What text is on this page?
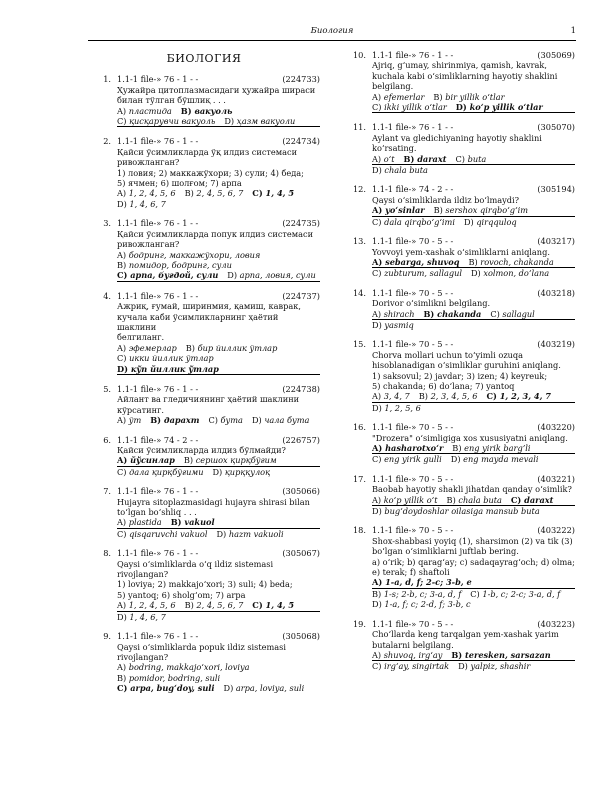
Биология	1
БИОЛОГИЯ
1. 1.1-1 file-» 76 - 1 - -	(224733)
Ҳужайра цитоплазмасидаги ҳужайра шираси
билан тўлган бўшлиқ . . .
A) пластида B) вакуоль
C) қисқарувчи вакуоль D) ҳазм вакуоли
2. 1.1-1 file-» 76 - 1 - -	(224734)
Қайси ўсимликларда ўқ илдиз системаси
ривожланган?
1) ловия; 2) маккажўхори; 3) сули; 4) беда;
5) ячмен; 6) шолғом; 7) арпа
A) 1, 2, 4, 5, 6 B) 2, 4, 5, 6, 7 C) 1, 4, 5
D) 1, 4, 6, 7
3. 1.1-1 file-» 76 - 1 - -	(224735)
Қайси ўсимликларда попук илдиз системаси
ривожланган?
A) бодринг, маккажўхори, ловия
B) помидор, бодринг, сули
C) арпа, буғдой, сули D) арпа, ловия, сули
4. 1.1-1 file-» 76 - 1 - -	(224737)
Ажриқ, ғумай, ширинмия, қамиш, каврак,
кучала каби ўсимликларнинг ҳаётий шаклини
белгиланг.
A) эфемерлар B) бир йиллик ўтлар
C) икки йиллик ўтлар
D) кўп йиллик ўтлар
5. 1.1-1 file-» 76 - 1 - -	(224738)
Айлант ва гледичиянинг ҳаётий шаклини
кўрсатинг.
A) ўт B) дарахт C) бута D) чала бута
6. 1.1-1 file-» 74 - 2 - -	(226757)
Қайси ўсимликларда илдиз бўлмайди?
A) йўсинлар B) сершох қирқбўғим
C) дала қирқбўғими D) қирққулоқ
7. 1.1-1 file-» 76 - 1 - -	(305066)
Hujayra sitoplazmasidagi hujayra shirasi bilan
to‘lgan bo‘shliq . . .
A) plastida B) vakuol
C) qisqaruvchi vakuol D) hazm vakuoli
8. 1.1-1 file-» 76 - 1 - -	(305067)
Qaysi o‘simliklarda o‘q ildiz sistemasi
rivojlangan?
1) loviya; 2) makkajo‘xori; 3) suli; 4) beda;
5) yantoq; 6) sholg‘om; 7) arpa
A) 1, 2, 4, 5, 6 B) 2, 4, 5, 6, 7 C) 1, 4, 5
D) 1, 4, 6, 7
9. 1.1-1 file-» 76 - 1 - -	(305068)
Qaysi o‘simliklarda popuk ildiz sistemasi
rivojlangan?
A) bodring, makkajo‘xori, loviya
B) pomidor, bodring, suli
C) arpa, bug‘doy, suli D) arpa, loviya, suli
10. 1.1-1 file-» 76 - 1 - -	(305069)
Ajriq, g‘umay, shirinmiya, qamish, kavrak,
kuchala kabi o‘simliklarning hayotiy shaklini
belgilang.
A) efemerlar B) bir yillik o‘tlar
C) ikki yillik o‘tlar D) ko‘p yillik o‘tlar
11. 1.1-1 file-» 76 - 1 - -	(305070)
Aylant va gledichiyaning hayotiy shaklini
ko‘rsating.
A) o‘t B) daraxt C) buta
D) chala buta
12. 1.1-1 file-» 74 - 2 - -	(305194)
Qaysi o‘simliklarda ildiz bo‘lmaydi?
A) yo‘sinlar B) sershox qirqbo‘g‘im
C) dala qirqbo‘g‘imi D) qirqquloq
13. 1.1-1 file-» 70 - 5 - -	(403217)
Yovvoyi yem-xashak o‘simliklarni aniqlang.
A) sebarga, shuvoq B) rovoch, chakanda
C) zubturum, sallagul D) xolmon, do‘lana
14. 1.1-1 file-» 70 - 5 - -	(403218)
Dorivor o‘simlikni belgilang.
A) shirach B) chakanda C) sallagul
D) yasmiq
15. 1.1-1 file-» 70 - 5 - -	(403219)
Chorva mollari uchun to‘yimli ozuqa
hisoblanadigan o‘simliklar guruhini aniqlang.
1) saksovul; 2) javdar; 3) izen; 4) keyreuk;
5) chakanda; 6) do‘lana; 7) yantoq
A) 3, 4, 7 B) 2, 3, 4, 5, 6 C) 1, 2, 3, 4, 7
D) 1, 2, 5, 6
16. 1.1-1 file-» 70 - 5 - -	(403220)
"Drozera" o‘simligiga xos xususiyatni aniqlang.
A) hasharotxo‘r B) eng yirik barg’li
C) eng yirik gulli D) eng mayda mevali
17. 1.1-1 file-» 70 - 5 - -	(403221)
Baobab hayotiy shakli jihatdan qanday o‘simlik?
A) ko‘p yillik o‘t B) chala buta C) daraxt
D) bug‘doydoshlar oilasiga mansub buta
18. 1.1-1 file-» 70 - 5 - -	(403222)
Shox-shabbasi yoyiq (1), sharsimon (2) va tik (3)
bo‘lgan o‘simliklarni juftlab bering.
a) o‘rik; b) qarag‘ay; c) sadaqayrag‘och; d) olma;
e) terak; f) shaftoli
A) 1-a, d, f; 2-c; 3-b, e
B) 1-s; 2-b, c; 3-a, d, f C) 1-b, c; 2-c; 3-a, d, f
D) 1-a, f; c; 2-d, f; 3-b, c
19. 1.1-1 file-» 70 - 5 - -	(403223)
Cho‘llarda keng tarqalgan yem-xashak yarim
butalarni belgilang.
A) shuvoq, irg‘ay B) teresken, sarsazan
C) irg‘ay, singirtak D) yalpiz, shashir
